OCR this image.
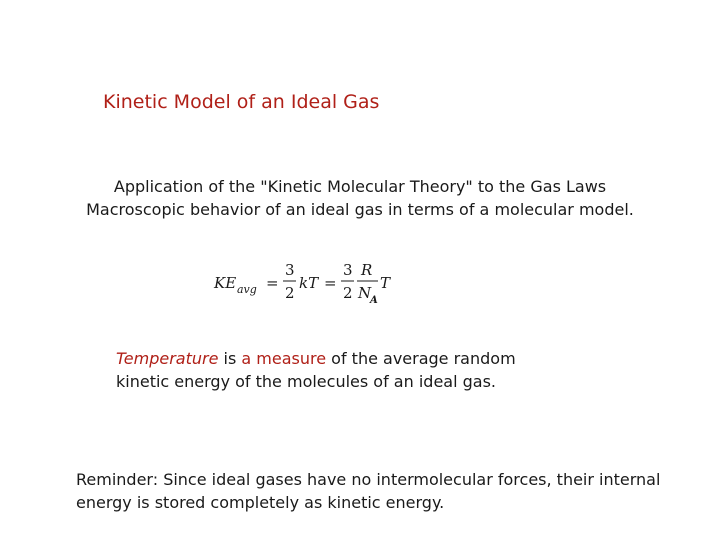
Kinetic Model of an Ideal Gas
Application of the "Kinetic Molecular Theory" to the Gas Laws
Macroscopic behavior of an ideal gas in terms of a molecular model.
KE avg =
3
2
kT =
3
2
R
N
A
T
Temperature is a measure of the average random
kinetic energy of the molecules of an ideal gas.
Reminder: Since ideal gases have no intermolecular forces, their internal
energy is stored completely as kinetic energy.
